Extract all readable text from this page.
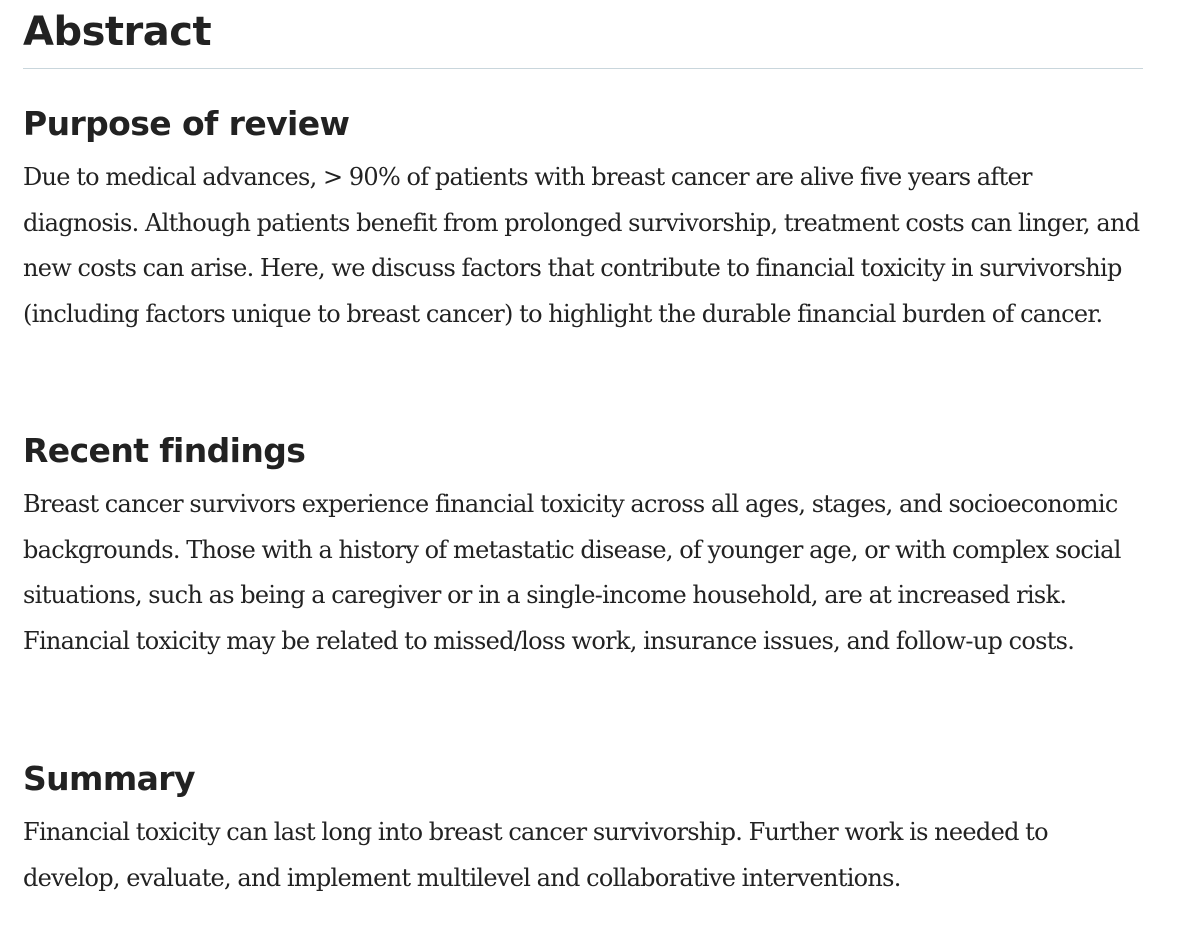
Abstract
Purpose of review

Due to medical advances, > 90% of patients with breast cancer are alive five years after diagnosis. Although patients benefit from prolonged survivorship, treatment costs can linger, and new costs can arise. Here, we discuss factors that contribute to financial toxicity in survivorship (including factors unique to breast cancer) to highlight the durable financial burden of cancer.

Recent findings

Breast cancer survivors experience financial toxicity across all ages, stages, and socioeconomic backgrounds. Those with a history of metastatic disease, of younger age, or with complex social situations, such as being a caregiver or in a single-income household, are at increased risk. Financial toxicity may be related to missed/loss work, insurance issues, and follow-up costs.

Summary

Financial toxicity can last long into breast cancer survivorship. Further work is needed to develop, evaluate, and implement multilevel and collaborative interventions.
